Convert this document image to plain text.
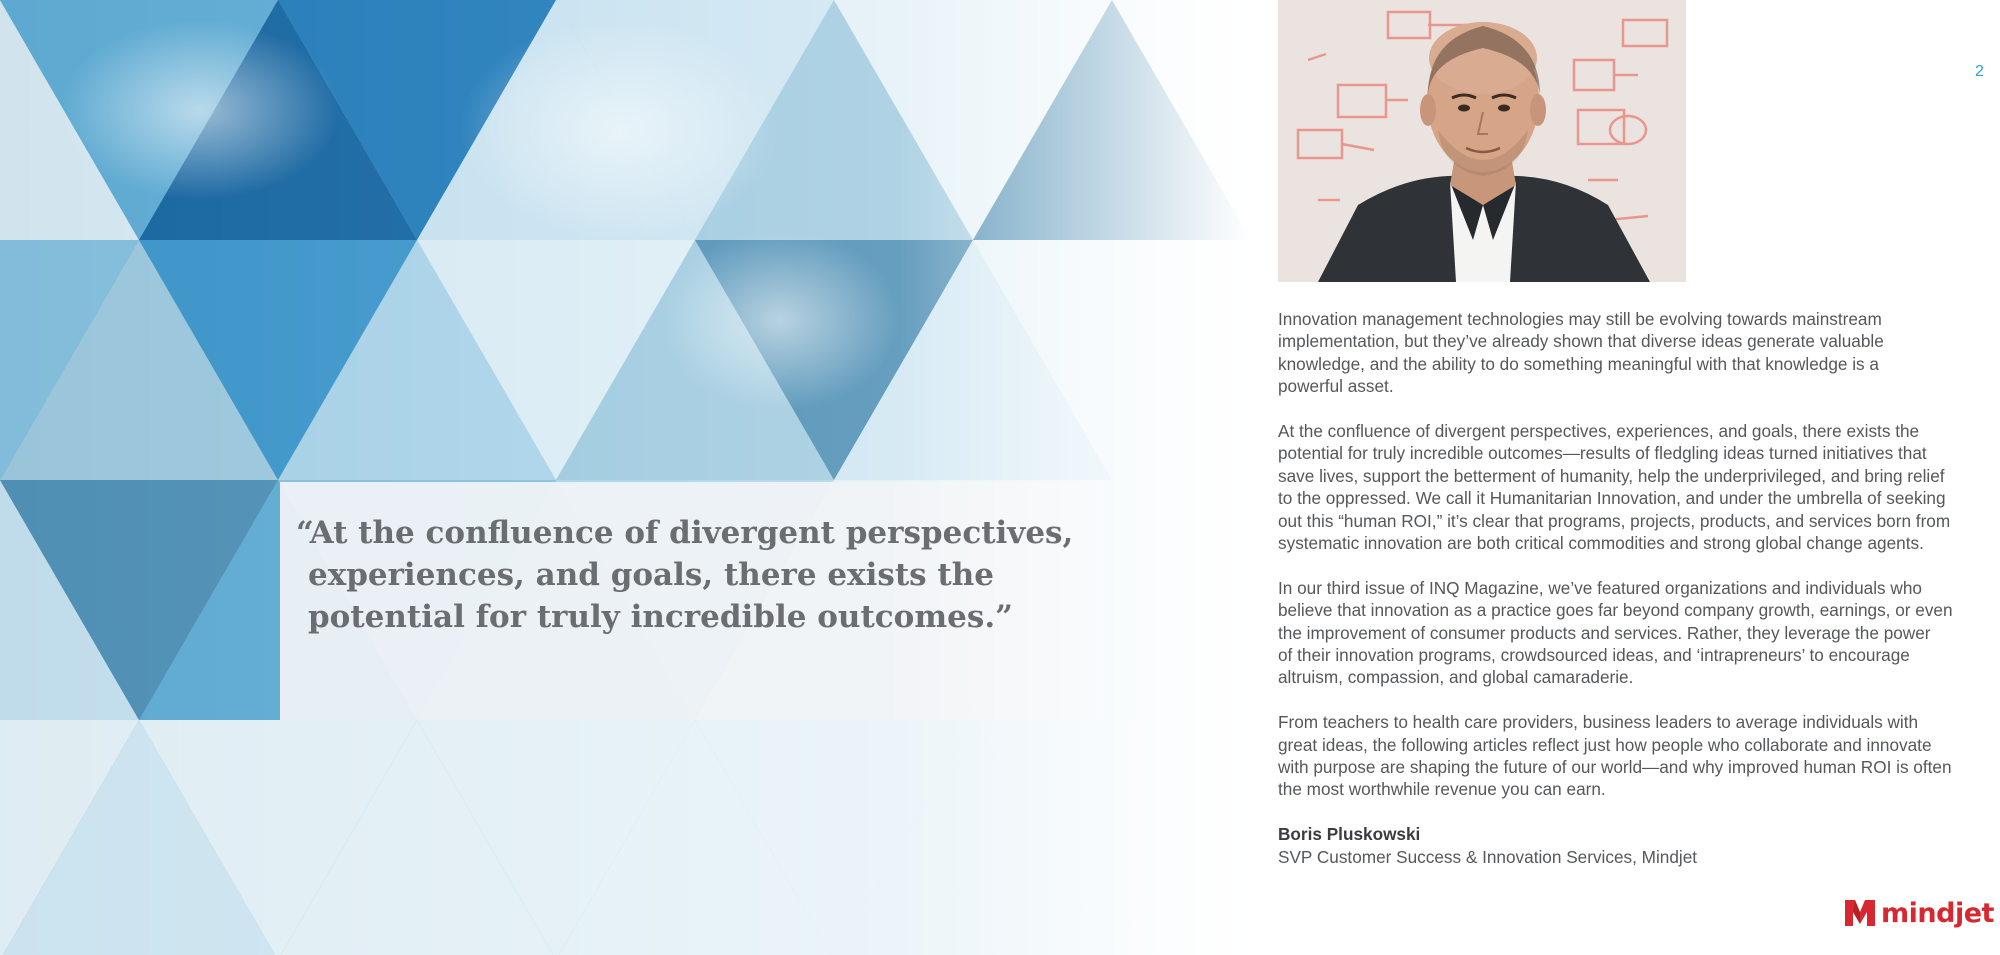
“At the confluence of divergent perspectives,
experiences, and goals, there exists the
potential for truly incredible outcomes.”
2
Innovation management technologies may still be evolving towards mainstream
implementation, but they’ve already shown that diverse ideas generate valuable
knowledge, and the ability to do something meaningful with that knowledge is a
powerful asset.
At the confluence of divergent perspectives, experiences, and goals, there exists the
potential for truly incredible outcomes—results of fledgling ideas turned initiatives that
save lives, support the betterment of humanity, help the underprivileged, and bring relief
to the oppressed. We call it Humanitarian Innovation, and under the umbrella of seeking
out this “human ROI,” it’s clear that programs, projects, products, and services born from
systematic innovation are both critical commodities and strong global change agents.
In our third issue of INQ Magazine, we’ve featured organizations and individuals who
believe that innovation as a practice goes far beyond company growth, earnings, or even
the improvement of consumer products and services. Rather, they leverage the power
of their innovation programs, crowdsourced ideas, and ‘intrapreneurs’ to encourage
altruism, compassion, and global camaraderie.
From teachers to health care providers, business leaders to average individuals with
great ideas, the following articles reflect just how people who collaborate and innovate
with purpose are shaping the future of our world—and why improved human ROI is often
the most worthwhile revenue you can earn.
Boris Pluskowski
SVP Customer Success & Innovation Services, Mindjet
mindjet
